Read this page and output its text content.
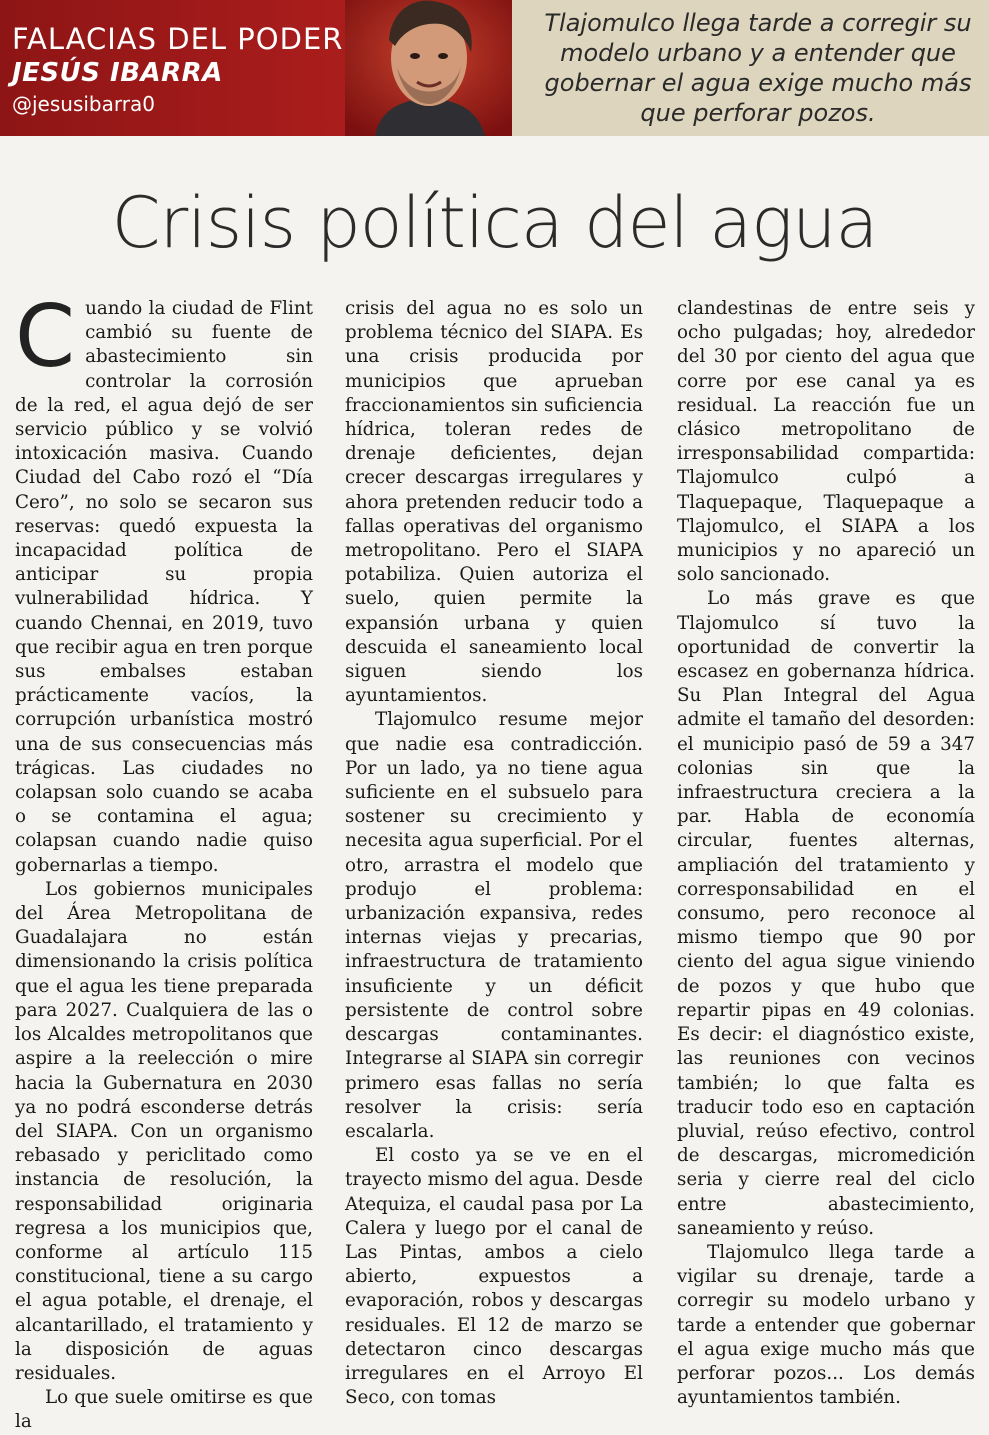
FALACIAS DEL PODER
JESÚS IBARRA
@jesusibarra0

Tlajomulco llega tarde a corregir su modelo urbano y a entender que gobernar el agua exige mucho más que perforar pozos.

Crisis política del agua
C uando la ciudad de Flint cambió su fuente de abastecimiento sin controlar la corrosión de la red, el agua dejó de ser servicio público y se volvió intoxicación masiva. Cuando Ciudad del Cabo rozó el “Día Cero”, no solo se secaron sus reservas: quedó expuesta la incapacidad política de anticipar su propia vulnerabilidad hídrica. Y cuando Chennai, en 2019, tuvo que recibir agua en tren porque sus embalses estaban prácticamente vacíos, la corrupción urbanística mostró una de sus consecuencias más trágicas. Las ciudades no colapsan solo cuando se acaba o se contamina el agua; colapsan cuando nadie quiso gobernarlas a tiempo.

Los gobiernos municipales del Área Metropolitana de Guadalajara no están dimensionando la crisis política que el agua les tiene preparada para 2027. Cualquiera de las o los Alcaldes metropolitanos que aspire a la reelección o mire hacia la Gubernatura en 2030 ya no podrá esconderse detrás del SIAPA. Con un organismo rebasado y periclitado como instancia de resolución, la responsabilidad originaria regresa a los municipios que, conforme al artículo 115 constitucional, tiene a su cargo el agua potable, el drenaje, el alcantarillado, el tratamiento y la disposición de aguas residuales.

Lo que suele omitirse es que la

crisis del agua no es solo un problema técnico del SIAPA. Es una crisis producida por municipios que aprueban fraccionamientos sin suficiencia hídrica, toleran redes de drenaje deficientes, dejan crecer descargas irregulares y ahora pretenden reducir todo a fallas operativas del organismo metropolitano. Pero el SIAPA potabiliza. Quien autoriza el suelo, quien permite la expansión urbana y quien descuida el saneamiento local siguen siendo los ayuntamientos.

Tlajomulco resume mejor que nadie esa contradicción. Por un lado, ya no tiene agua suficiente en el subsuelo para sostener su crecimiento y necesita agua superficial. Por el otro, arrastra el modelo que produjo el problema: urbanización expansiva, redes internas viejas y precarias, infraestructura de tratamiento insuficiente y un déficit persistente de control sobre descargas contaminantes. Integrarse al SIAPA sin corregir primero esas fallas no sería resolver la crisis: sería escalarla.

El costo ya se ve en el trayecto mismo del agua. Desde Atequiza, el caudal pasa por La Calera y luego por el canal de Las Pintas, ambos a cielo abierto, expuestos a evaporación, robos y descargas residuales. El 12 de marzo se detectaron cinco descargas irregulares en el Arroyo El Seco, con tomas

clandestinas de entre seis y ocho pulgadas; hoy, alrededor del 30 por ciento del agua que corre por ese canal ya es residual. La reacción fue un clásico metropolitano de irresponsabilidad compartida: Tlajomulco culpó a Tlaquepaque, Tlaquepaque a Tlajomulco, el SIAPA a los municipios y no apareció un solo sancionado.

Lo más grave es que Tlajomulco sí tuvo la oportunidad de convertir la escasez en gobernanza hídrica. Su Plan Integral del Agua admite el tamaño del desorden: el municipio pasó de 59 a 347 colonias sin que la infraestructura creciera a la par. Habla de economía circular, fuentes alternas, ampliación del tratamiento y corresponsabilidad en el consumo, pero reconoce al mismo tiempo que 90 por ciento del agua sigue viniendo de pozos y que hubo que repartir pipas en 49 colonias. Es decir: el diagnóstico existe, las reuniones con vecinos también; lo que falta es traducir todo eso en captación pluvial, reúso efectivo, control de descargas, micromedición seria y cierre real del ciclo entre abastecimiento, saneamiento y reúso.

Tlajomulco llega tarde a vigilar su drenaje, tarde a corregir su modelo urbano y tarde a entender que gobernar el agua exige mucho más que perforar pozos... Los demás ayuntamientos también.
